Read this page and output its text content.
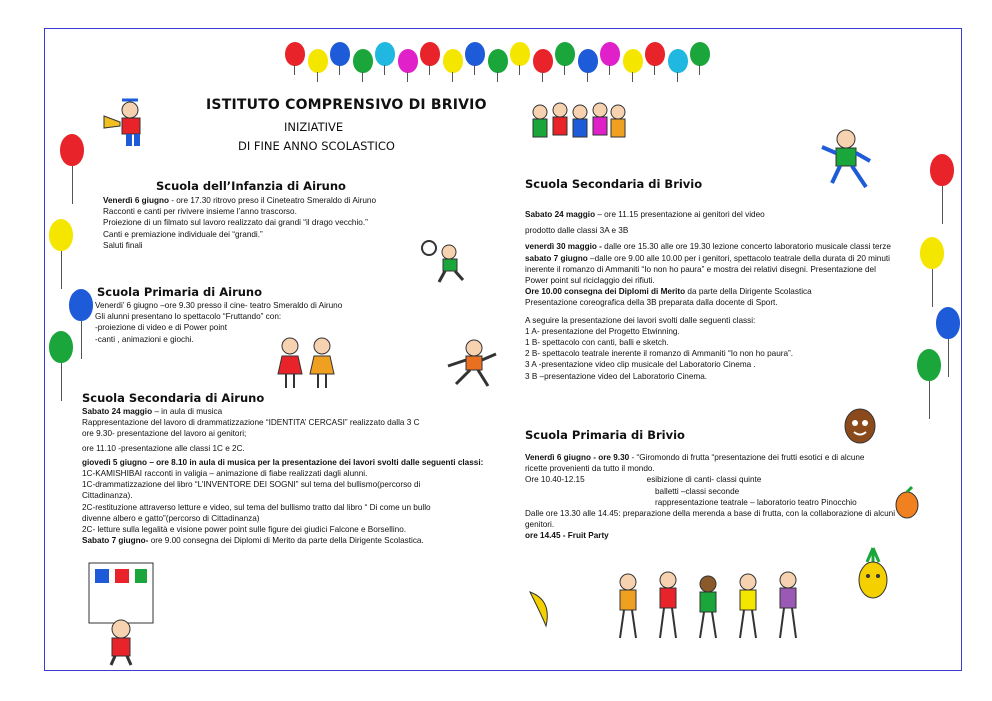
ISTITUTO COMPRENSIVO DI BRIVIO
INIZIATIVE
DI FINE ANNO SCOLASTICO
Scuola dell’Infanzia di Airuno
Venerdì 6 giugno - ore 17.30 ritrovo preso il Cineteatro Smeraldo di Airuno
Racconti e canti per rivivere insieme l’anno trascorso.
Proiezione di un filmato sul lavoro realizzato dai grandi “il drago vecchio.”
Canti e premiazione individuale dei “grandi.”
Saluti finali
Scuola Primaria di Airuno
Venerdi’ 6 giugno –ore 9.30 presso il cine- teatro Smeraldo di Airuno
Gli alunni presentano lo spettacolo “Fruttando” con:
-proiezione di video e di Power point
-canti , animazioni e giochi.
Scuola Secondaria di Airuno
Sabato 24 maggio – in aula di musica
Rappresentazione del lavoro di drammatizzazione “IDENTITA’ CERCASI” realizzato dalla 3 C
ore 9.30- presentazione del lavoro ai genitori;
ore 11.10 -presentazione alle classi 1C e 2C.
giovedì 5 giugno – ore 8.10 in aula di musica per la presentazione dei lavori svolti dalle seguenti classi:
1C-KAMISHIBAI racconti in valigia – animazione di fiabe realizzati dagli alunni.
1C-drammatizzazione del libro “L’INVENTORE DEI SOGNI” sul tema del bullismo(percorso di
Cittadinanza).
2C-restituzione attraverso letture e video, sul tema del bullismo tratto dal libro “ Di come un bullo
divenne albero e gatto”(percorso di Cittadinanza)
2C- letture sulla legalità e visione power point sulle figure dei giudici Falcone e Borsellino.
Sabato 7 giugno- ore 9.00 consegna dei Diplomi di Merito da parte della Dirigente Scolastica.
Scuola Secondaria di Brivio
Sabato 24 maggio – ore 11.15 presentazione ai genitori del video
prodotto dalle classi 3A e 3B
venerdì 30 maggio - dalle ore 15.30 alle ore 19.30 lezione concerto laboratorio musicale classi terze
sabato 7 giugno –dalle ore 9.00 alle 10.00 per i genitori, spettacolo teatrale della durata di 20 minuti
inerente il romanzo di Ammaniti “Io non ho paura” e mostra dei relativi disegni. Presentazione del
Power point sul riciclaggio dei rifiuti.
Ore 10.00 consegna dei Diplomi di Merito da parte della Dirigente Scolastica
Presentazione coreografica della 3B preparata dalla docente di Sport.
A seguire la presentazione dei lavori svolti dalle seguenti classi:
1 A- presentazione del Progetto Etwinning.
1 B- spettacolo con canti, balli e sketch.
2 B- spettacolo teatrale inerente il romanzo di Ammaniti “Io non ho paura”.
3 A -presentazione video clip musicale del Laboratorio Cinema .
3 B –presentazione video del Laboratorio Cinema.
Scuola Primaria di Brivio
Venerdì 6 giugno - ore 9.30 - “Giromondo di frutta “presentazione dei frutti esotici e di alcune
ricette provenienti da tutto il mondo.
Ore 10.40-12.15	esibizione di canti- classi quinte
balletti –classi seconde
rappresentazione teatrale – laboratorio teatro Pinocchio
Dalle ore 13.30 alle 14.45: preparazione della merenda a base di frutta, con la collaborazione di alcuni
genitori.
ore 14.45 - Fruit Party
